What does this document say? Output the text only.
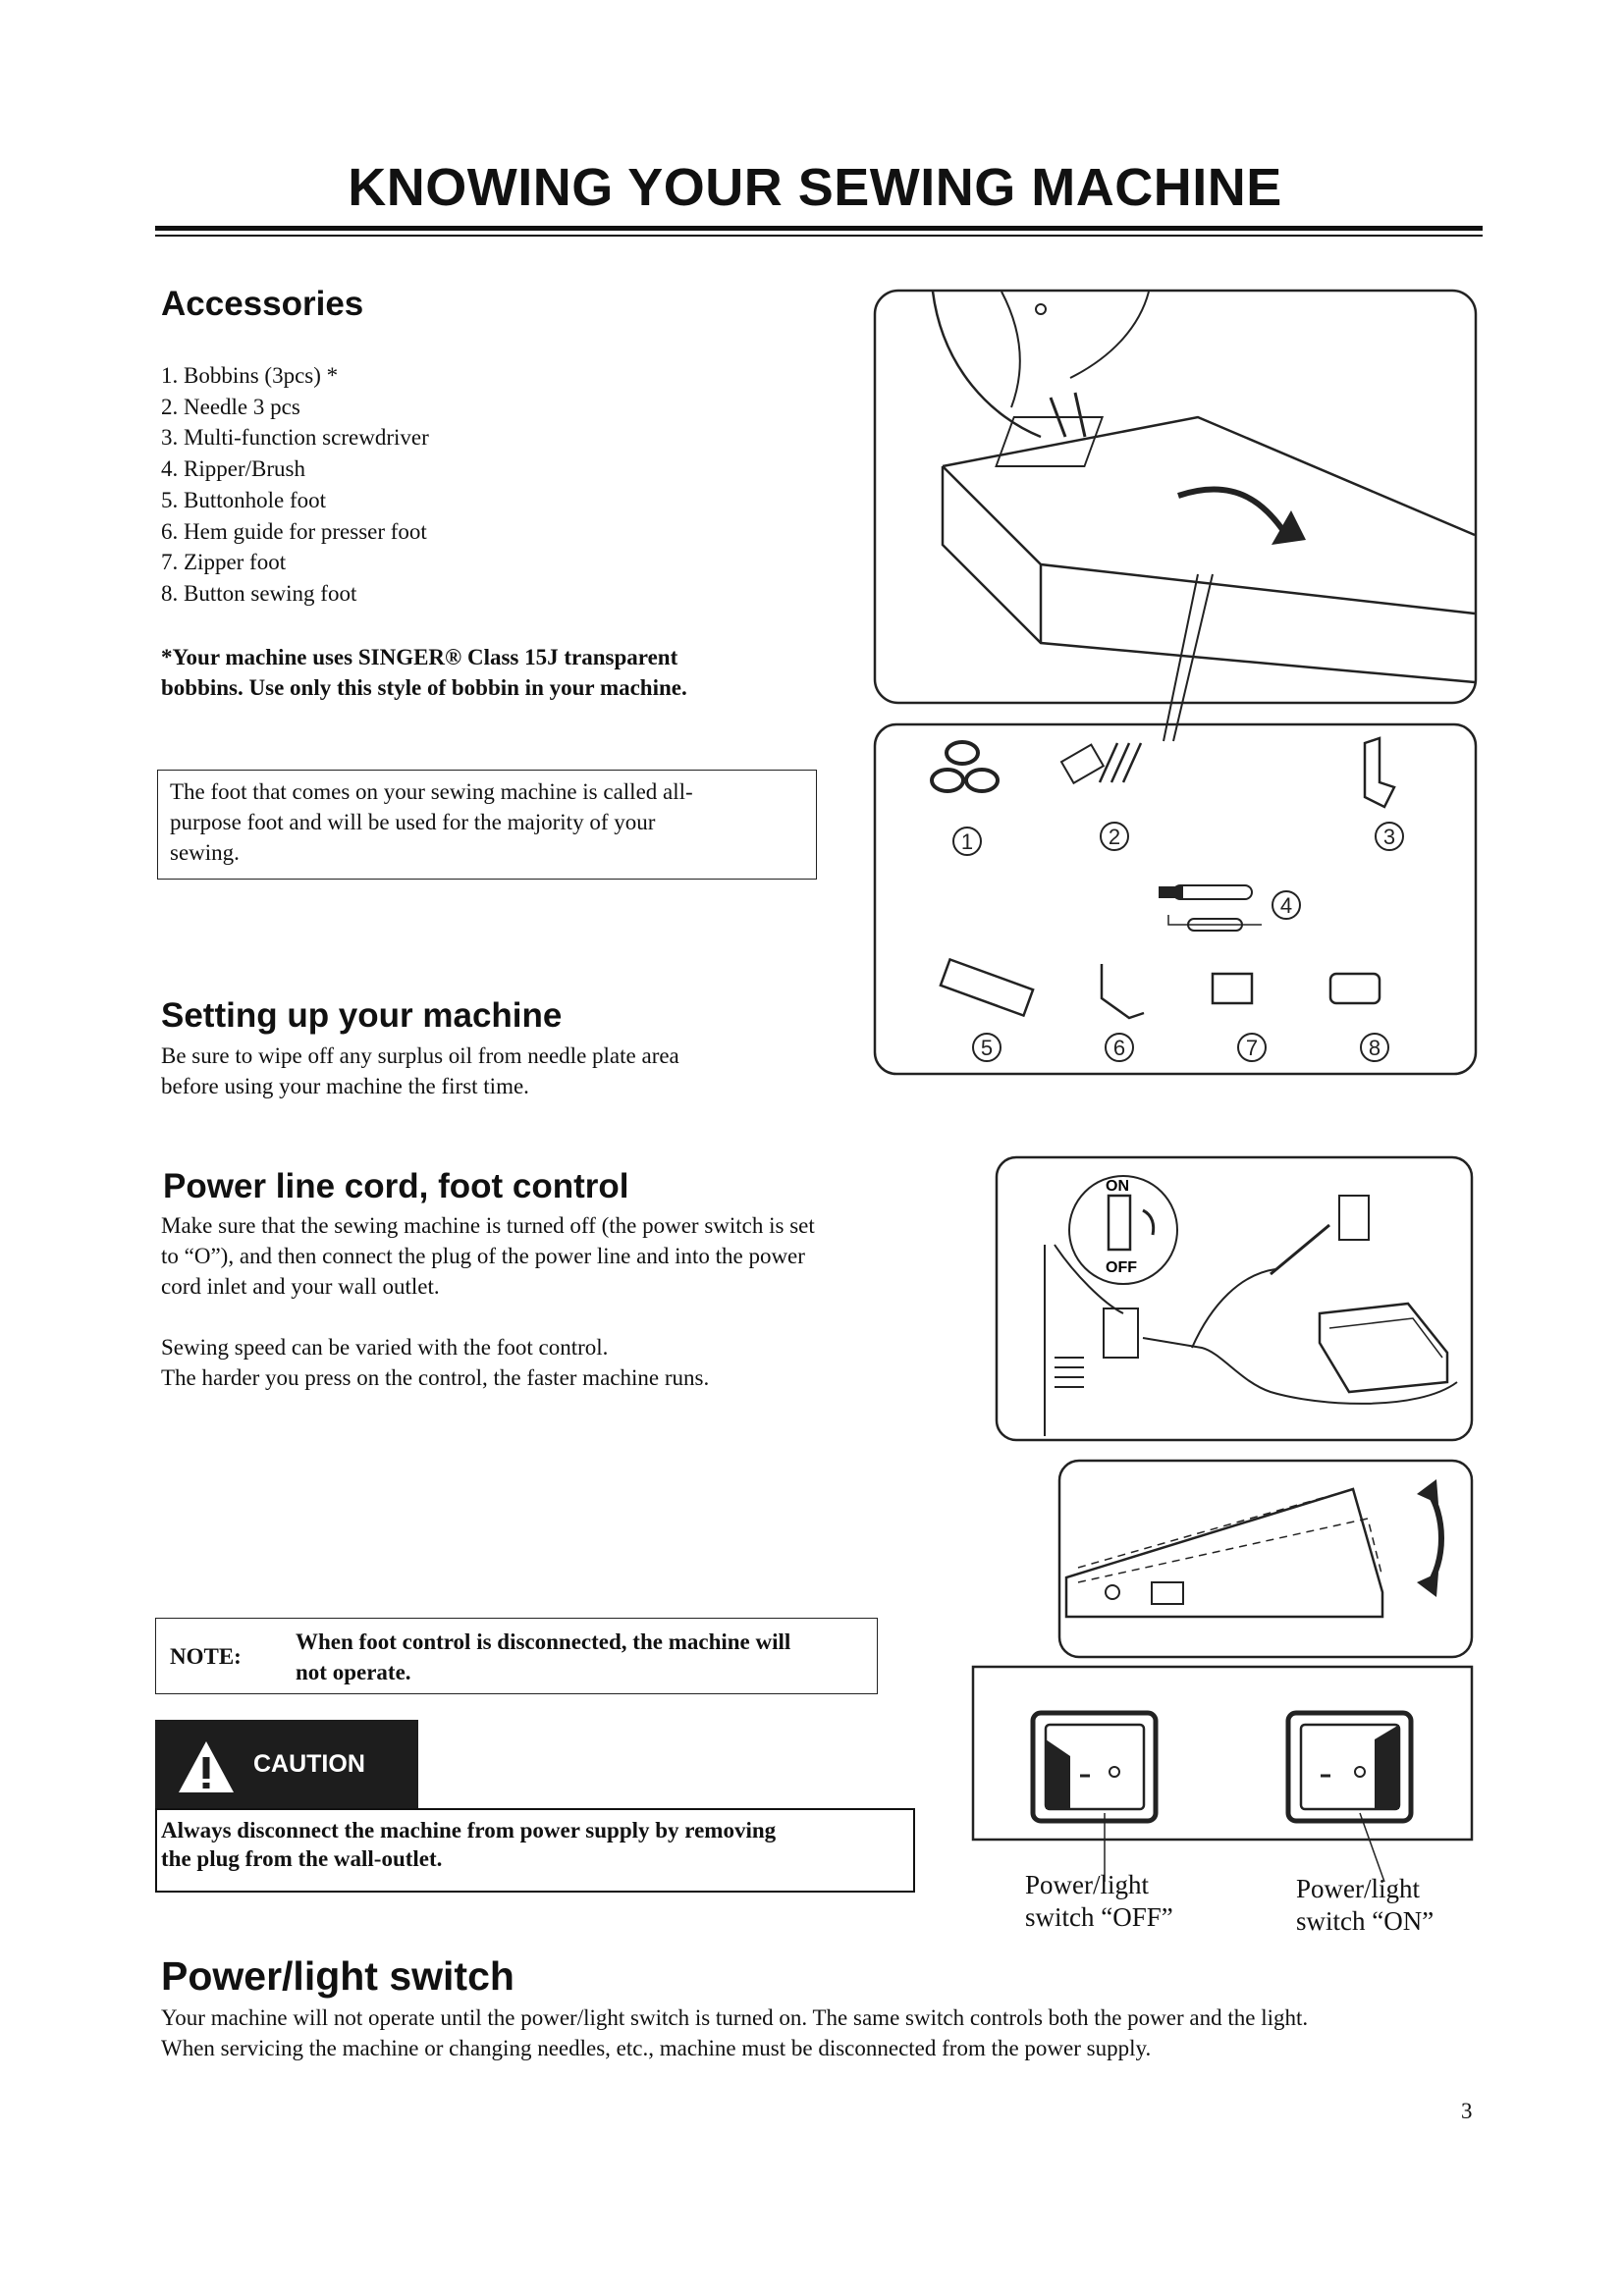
KNOWING YOUR SEWING MACHINE
Accessories
1. Bobbins (3pcs) *
2. Needle 3 pcs
3. Multi-function screwdriver
4. Ripper/Brush
5. Buttonhole foot
6. Hem guide for presser foot
7. Zipper foot
8. Button sewing foot
*Your machine uses SINGER® Class 15J transparent
bobbins. Use only this style of bobbin in your machine.
The foot that comes on your sewing machine is called all-
purpose foot and will be used for the majority of your
sewing.
Setting up your machine
Be sure to wipe off any surplus oil from needle plate area
before using your machine the first time.
Power line cord, foot control
Make sure that the sewing machine is turned off (the power switch is set
to “O”), and then connect the plug of the power line and into the power
cord inlet and your wall outlet.
Sewing speed can be varied with the foot control.
The harder you press on the control, the faster machine runs.
NOTE:
When foot control is disconnected, the machine will
not operate.
CAUTION
Always disconnect the machine from power supply by removing
the plug from the wall-outlet.
Power/light switch
Your machine will not operate until the power/light switch is turned on. The same switch controls both the power and the light.
When servicing the machine or changing needles, etc., machine must be disconnected from the power supply.
3
1	2	3
4
5	6	7	8
ON
OFF
Power/light
switch “OFF”
Power/light
switch “ON”
